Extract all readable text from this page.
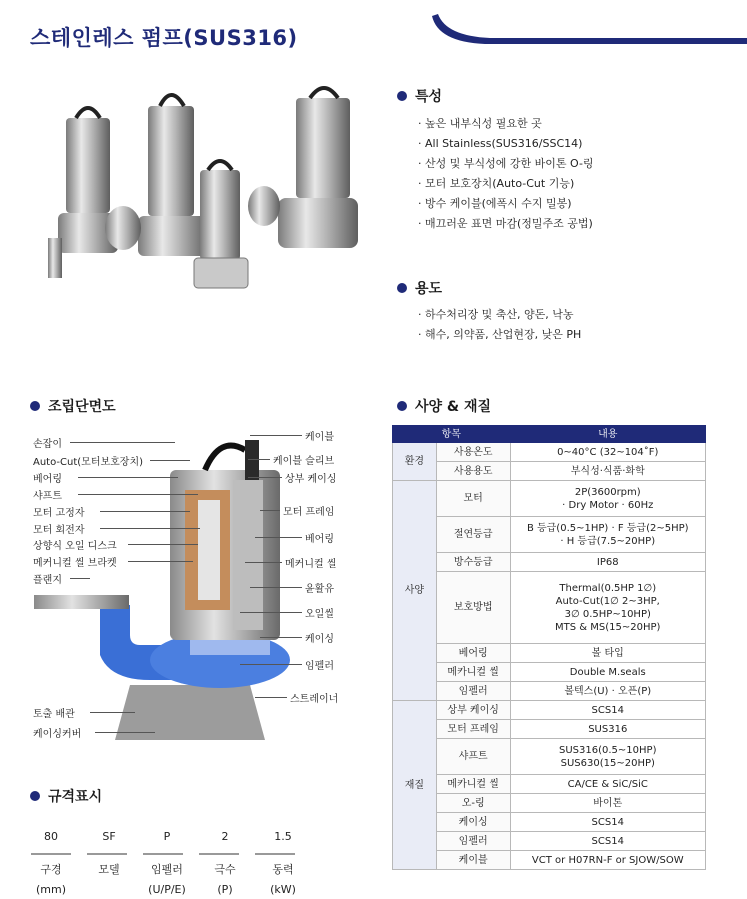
스테인레스 펌프(SUS316)
특성
· 높은 내부식성 필요한 곳
· All Stainless(SUS316/SSC14)
· 산성 및 부식성에 강한 바이톤 O-링
· 모터 보호장치(Auto-Cut 기능)
· 방수 케이블(에폭시 수지 밀봉)
· 매끄러운 표면 마감(정밀주조 공법)
용도
· 하수처리장 및 축산, 양돈, 낙농
· 해수, 의약품, 산업현장, 낮은 PH
조립단면도
손잡이
Auto-Cut(모터보호장치)
베어링
샤프트
모터 고정자
모터 회전자
상향식 오일 디스크
메커니컬 씰 브라켓
플랜지
토출 배관
케이싱커버
케이블
케이블 슬리브
상부 케이싱
모터 프레임
베어링
메커니컬 씰
윤활유
오일씰
케이싱
임펠러
스트레이너
규격표시
80	SF	P	2	1.5

구경	모델	임펠러	극수	동력
(mm)		(U/P/E)	(P)	(kW)
사양 & 재질
항목		내용
환경	사용온도	0~40°C (32~104˚F)
	사용용도	부식성·식품·화학
사양	모터	2P(3600rpm)
· Dry Motor · 60Hz

	절연등급	B 등급(0.5~1HP) · F 등급(2~5HP)
· H 등급(7.5~20HP)

	방수등급	IP68
	보호방법	Thermal(0.5HP 1∅)
Auto-Cut(1∅ 2~3HP,
3∅ 0.5HP~10HP)
MTS & MS(15~20HP)

	베어링	볼 타입
	메카니컬 씰	Double M.seals
	임펠러	볼텍스(U) · 오픈(P)
재질	상부 케이싱	SCS14
	모터 프레임	SUS316
	샤프트	SUS316(0.5~10HP)
SUS630(15~20HP)

	메카니컬 씰	CA/CE & SiC/SiC
	오-링	바이톤
	케이싱	SCS14
	임펠러	SCS14
	케이블	VCT or H07RN-F or SJOW/SOW
